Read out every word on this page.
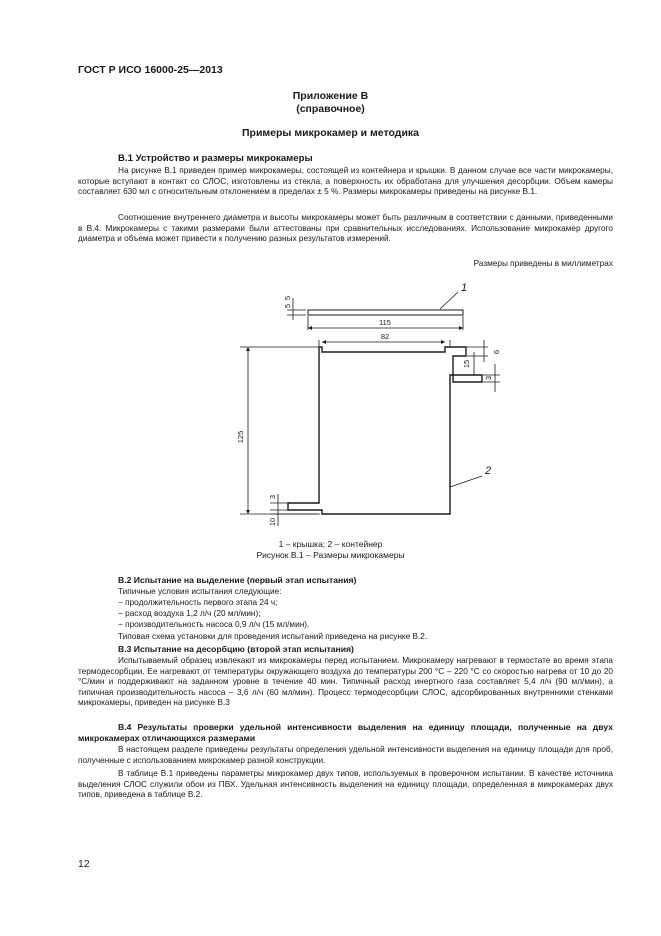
ГОСТ Р ИСО 16000-25—2013
Приложение В
(справочное)
Примеры микрокамер и методика
В.1 Устройство и размеры микрокамеры

На рисунке В.1 приведен пример микрокамеры, состоящей из контейнера и крышки. В данном случае все части микрокамеры, которые вступают в контакт со СЛОС, изготовлены из стекла, а поверхность их обработана для улучшения десорбции. Объем камеры составляет 630 мл с относительным отклонением в пределах ± 5 %. Размеры микрокамеры приведены на рисунке В.1.

Соотношение внутреннего диаметра и высоты микрокамеры может быть различным в соответствии с данными, приведенными в В.4. Микрокамеры с такими размерами были аттестованы при сравнительных исследованиях. Использование микрокамер другого диаметра и объема может привести к получению разных результатов измерений.

Размеры приведены в миллиметрах
5
5
115
82
6
15
3
125
3
10
1
2
1 – крышка; 2 – контейнер
Рисунок В.1 – Размеры микрокамеры
В.2 Испытание на выделение (первый этап испытания)

Типичные условия испытания следующие:

− продолжительность первого этапа 24 ч;

− расход воздуха 1,2 л/ч (20 мл/мин);

− производительность насоса 0,9 л/ч (15 мл/мин).

Типовая схема установки для проведения испытаний приведена на рисунке В.2.

В.3 Испытание на десорбцию (второй этап испытания)

Испытываемый образец извлекают из микрокамеры перед испытанием. Микрокамеру нагревают в термостате во время этапа термодесорбции. Ее нагревают от температуры окружающего воздуха до температуры 200 °С – 220 °С со скоростью нагрева от 10 до 20 °С/мин и поддерживают на заданном уровне в течение 40 мин. Типичный расход инертного газа составляет 5,4 л/ч (90 мл/мин), а типичная производительность насоса – 3,6 л/ч (60 мл/мин). Процесс термодесорбции СЛОС, адсорбированных внутренними стенками микрокамеры, приведен на рисунке В.3

В.4 Результаты проверки удельной интенсивности выделения на единицу площади, полученные на двух микрокамерах отличающихся размерами

В настоящем разделе приведены результаты определения удельной интенсивности выделения на единицу площади для проб, полученные с использованием микрокамер разной конструкции.

В таблице В.1 приведены параметры микрокамер двух типов, используемых в проверочном испытании. В качестве источника выделения СЛОС служили обои из ПВХ. Удельная интенсивность выделения на единицу площади, определенная в микрокамерах двух типов, приведена в таблице В.2.

12
